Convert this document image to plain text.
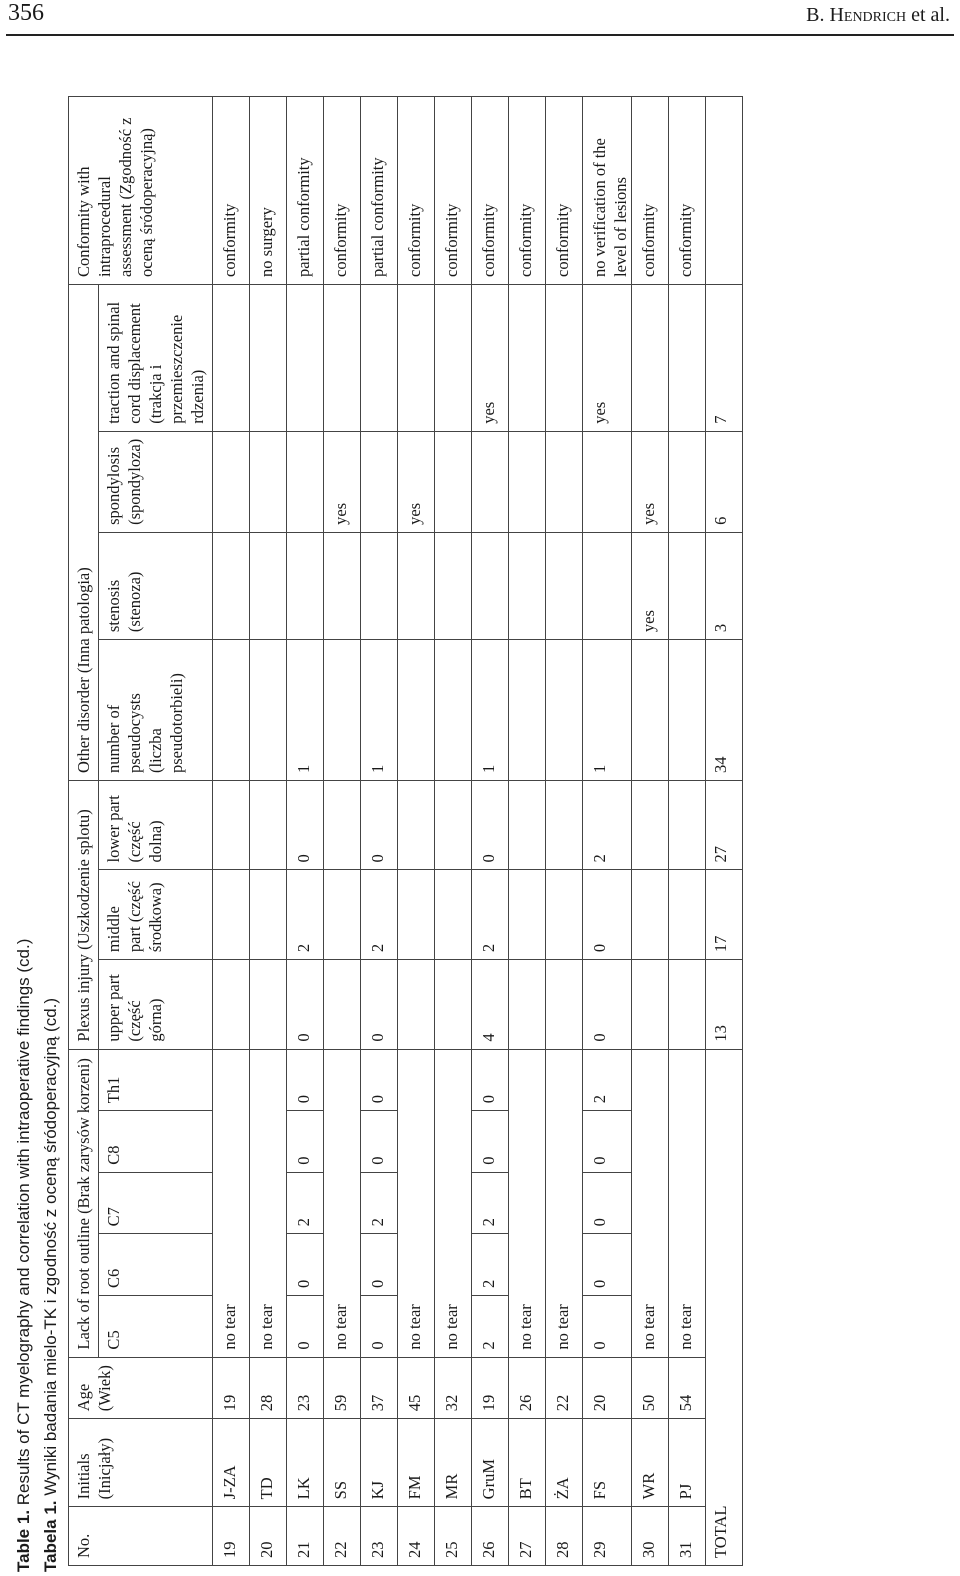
356	B. Hendrich et al.
Table 1. Results of CT myelography and correlation with intraoperative findings (cd.)
Tabela 1. Wyniki badania mielo-TK i zgodność z oceną śródoperacyjną (cd.)
No.	Initials (Inicjały)	Age (Wiek)	Lack of root outline (Brak zarysów korzeni)					Plexus injury (Uszkodzenie splotu)			Other disorder (Inna patologia)				Conformity with intraprocedural assessment (Zgodność z oceną śródoperacyjną)
			C5	C6	C7	C8	Th1	upper part (część górna)	middle part (część środkowa)	lower part (część dolna)	number of pseudocysts (liczba pseudotorbieli)	stenosis (stenoza)	spondylosis (spondyloza)	traction and spinal cord displacement (trakcja i przemieszczenie rdzenia)	
19	J-ZA	19	no tear												conformity
20	TD	28	no tear												no surgery
21	LK	23	0	0	2	0	0	0	2	0	1				partial conformity
22	SS	59	no tear										yes		conformity
23	KJ	37	0	0	2	0	0	0	2	0	1				partial conformity
24	FM	45	no tear										yes		conformity
25	MR	32	no tear												conformity
26	GruM	19	2	2	2	0	0	4	2	0	1			yes	conformity
27	BT	26	no tear												conformity
28	ŻA	22	no tear												conformity
29	FS	20	0	0	0	0	2	0	0	2	1			yes	no verification of the level of lesions
30	WR	50	no tear									yes	yes		conformity
31	PJ	54	no tear												conformity
TOTAL								13	17	27	34	3	6	7	
